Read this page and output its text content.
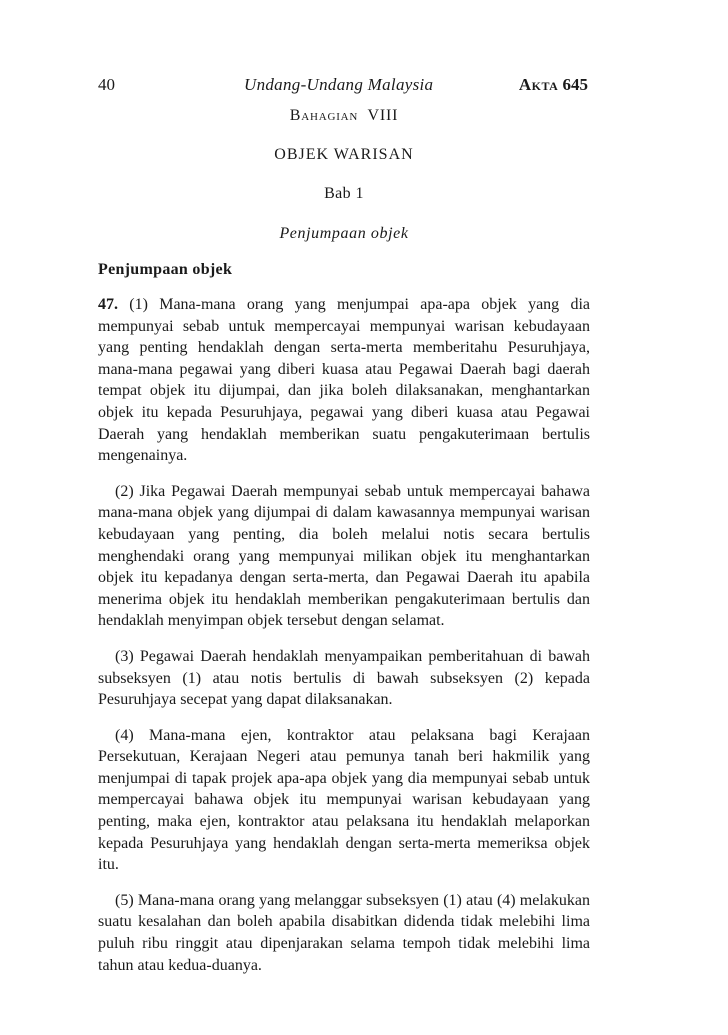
40	Undang-Undang Malaysia	Akta 645
Bahagian VIII
OBJEK WARISAN
Bab 1
Penjumpaan objek
Penjumpaan objek

47. (1) Mana-mana orang yang menjumpai apa-apa objek yang dia mempunyai sebab untuk mempercayai mempunyai warisan kebudayaan yang penting hendaklah dengan serta-merta memberitahu Pesuruhjaya, mana-mana pegawai yang diberi kuasa atau Pegawai Daerah bagi daerah tempat objek itu dijumpai, dan jika boleh dilaksanakan, menghantarkan objek itu kepada Pesuruhjaya, pegawai yang diberi kuasa atau Pegawai Daerah yang hendaklah memberikan suatu pengakuterimaan bertulis mengenainya.

(2) Jika Pegawai Daerah mempunyai sebab untuk mempercayai bahawa mana-mana objek yang dijumpai di dalam kawasannya mempunyai warisan kebudayaan yang penting, dia boleh melalui notis secara bertulis menghendaki orang yang mempunyai milikan objek itu menghantarkan objek itu kepadanya dengan serta-merta, dan Pegawai Daerah itu apabila menerima objek itu hendaklah memberikan pengakuterimaan bertulis dan hendaklah menyimpan objek tersebut dengan selamat.

(3) Pegawai Daerah hendaklah menyampaikan pemberitahuan di bawah subseksyen (1) atau notis bertulis di bawah subseksyen (2) kepada Pesuruhjaya secepat yang dapat dilaksanakan.

(4) Mana-mana ejen, kontraktor atau pelaksana bagi Kerajaan Persekutuan, Kerajaan Negeri atau pemunya tanah beri hakmilik yang menjumpai di tapak projek apa-apa objek yang dia mempunyai sebab untuk mempercayai bahawa objek itu mempunyai warisan kebudayaan yang penting, maka ejen, kontraktor atau pelaksana itu hendaklah melaporkan kepada Pesuruhjaya yang hendaklah dengan serta-merta memeriksa objek itu.

(5) Mana-mana orang yang melanggar subseksyen (1) atau (4) melakukan suatu kesalahan dan boleh apabila disabitkan didenda tidak melebihi lima puluh ribu ringgit atau dipenjarakan selama tempoh tidak melebihi lima tahun atau kedua-duanya.
